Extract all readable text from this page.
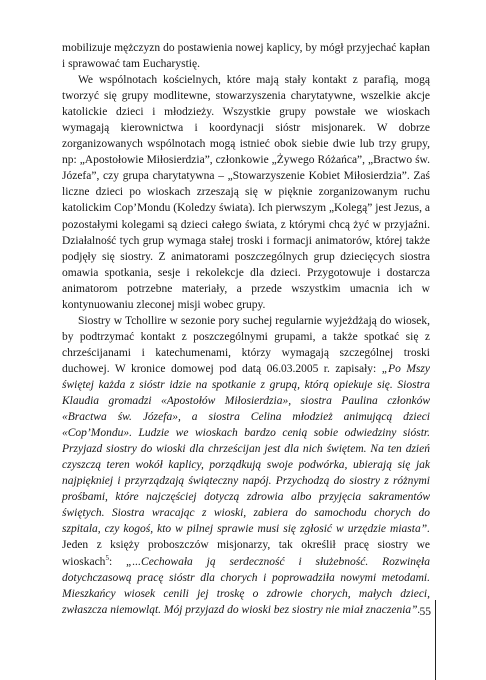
mobilizuje mężczyzn do postawienia nowej kaplicy, by mógł przyjechać kapłan i sprawować tam Eucharystię.

We wspólnotach kościelnych, które mają stały kontakt z parafią, mogą tworzyć się grupy modlitewne, stowarzyszenia charytatywne, wszelkie akcje katolickie dzieci i młodzieży. Wszystkie grupy powstałe we wioskach wymagają kierownictwa i koordynacji sióstr misjonarek. W dobrze zorganizowanych wspólnotach mogą istnieć obok siebie dwie lub trzy grupy, np: „Apostołowie Miłosierdzia”, członkowie „Żywego Różańca”, „Bractwo św. Józefa”, czy grupa charytatywna – „Stowarzyszenie Kobiet Miłosierdzia”. Zaś liczne dzieci po wioskach zrzeszają się w pięknie zorganizowanym ruchu katolickim Cop’Mondu (Koledzy świata). Ich pierwszym „Kolegą” jest Jezus, a pozostałymi kolegami są dzieci całego świata, z którymi chcą żyć w przyjaźni. Działalność tych grup wymaga stałej troski i formacji animatorów, której także podjęły się siostry. Z animatorami poszczególnych grup dziecięcych siostra omawia spotkania, sesje i rekolekcje dla dzieci. Przygotowuje i dostarcza animatorom potrzebne materiały, a przede wszystkim umacnia ich w kontynuowaniu zleconej misji wobec grupy.

Siostry w Tchollire w sezonie pory suchej regularnie wyjeżdżają do wiosek, by podtrzymać kontakt z poszczególnymi grupami, a także spotkać się z chrześcijanami i katechumenami, którzy wymagają szczególnej troski duchowej. W kronice domowej pod datą 06.03.2005 r. zapisały: „Po Mszy świętej każda z sióstr idzie na spotkanie z grupą, którą opiekuje się. Siostra Klaudia gromadzi «Apostołów Miłosierdzia», siostra Paulina członków «Bractwa św. Józefa», a siostra Celina młodzież animującą dzieci «Cop’Mondu». Ludzie we wioskach bardzo cenią sobie odwiedziny sióstr. Przyjazd siostry do wioski dla chrześcijan jest dla nich świętem. Na ten dzień czyszczą teren wokół kaplicy, porządkują swoje podwórka, ubierają się jak najpiękniej i przyrządzają świąteczny napój. Przychodzą do siostry z różnymi prośbami, które najczęściej dotyczą zdrowia albo przyjęcia sakramentów świętych. Siostra wracając z wioski, zabiera do samochodu chorych do szpitala, czy kogoś, kto w pilnej sprawie musi się zgłosić w urzędzie miasta”. Jeden z księży proboszczów misjonarzy, tak określił pracę siostry we wioskach$^5$: „...Cechowała ją serdeczność i służebność. Rozwinęła dotychczasową pracę sióstr dla chorych i poprowadziła nowymi metodami. Mieszkańcy wiosek cenili jej troskę o zdrowie chorych, małych dzieci, zwłaszcza niemowląt. Mój przyjazd do wioski bez siostry nie miał znaczenia”. 55
